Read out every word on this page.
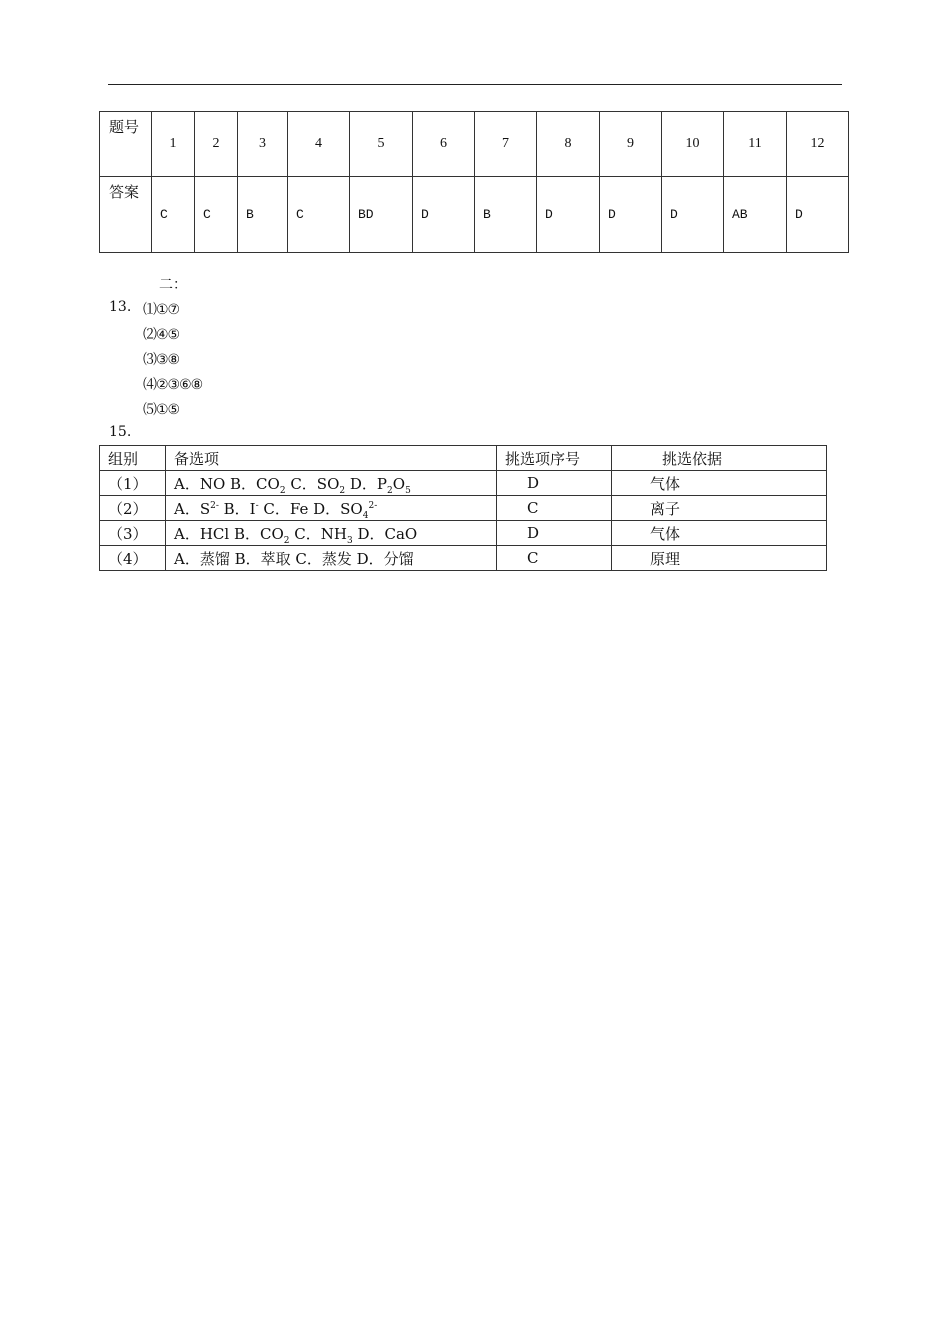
题号	1	2	3	4	5	6	7	8	9	10	11	12
答案	C	C	B	C	BD	D	B	D	D	D	AB	D
二：
13. ⑴①⑦
⑵④⑤
⑶③⑧
⑷②③⑥⑧
⑸①⑤
15.
组别	备选项	挑选项序号	挑选依据
（1）	A．NO B．$CO_2$ C．$SO_2$ D．$P_2O_5$	D	气体
（2）	A．$S^{2-}$ B．I- C．Fe D．$SO_4^{2-}$	C	离子
（3）	A．HCl B．$CO_2$ C．$NH_3$ D．CaO	D	气体
（4）	A．蒸馏 B．萃取 C．蒸发 D．分馏	C	原理
